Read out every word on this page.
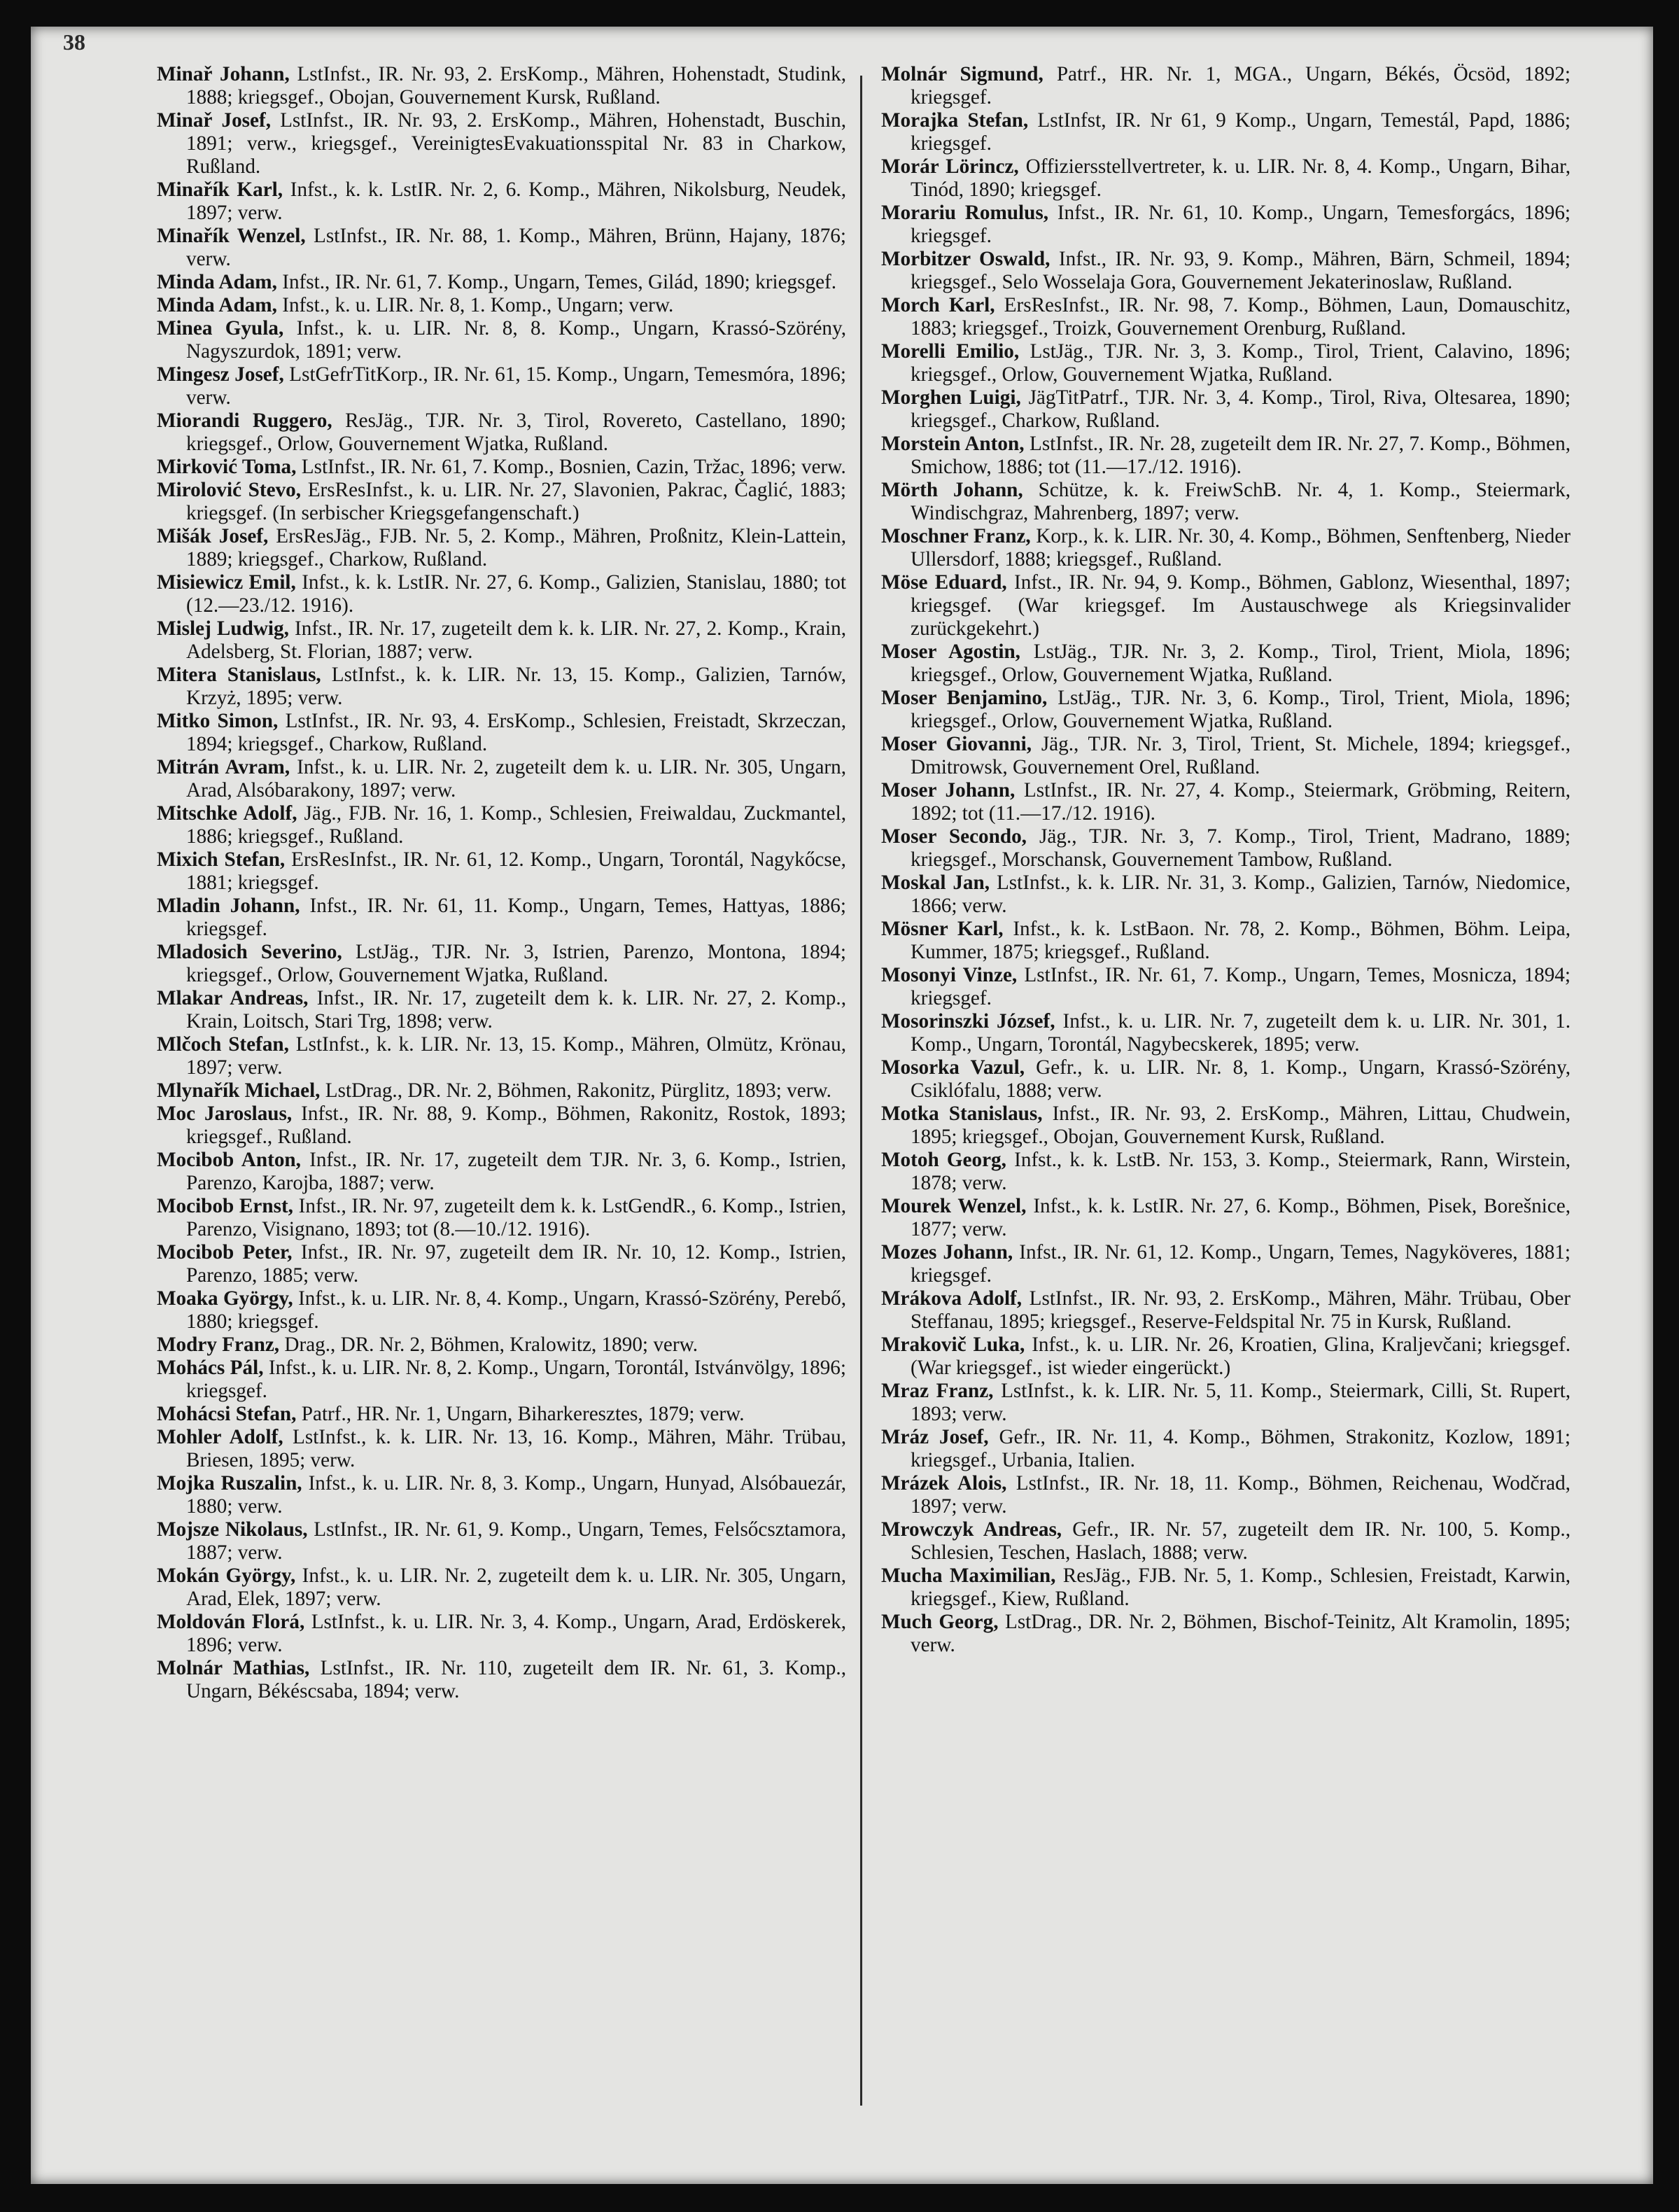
38

Minař Johann, LstInfst., IR. Nr. 93, 2. ErsKomp., Mähren, Hohenstadt, Studink, 1888; kriegsgef., Obojan, Gouvernement Kursk, Rußland.

Minař Josef, LstInfst., IR. Nr. 93, 2. ErsKomp., Mähren, Hohenstadt, Buschin, 1891; verw., kriegsgef., VereinigtesEvakuationsspital Nr. 83 in Charkow, Rußland.

Minařík Karl, Infst., k. k. LstIR. Nr. 2, 6. Komp., Mähren, Nikolsburg, Neudek, 1897; verw.

Minařík Wenzel, LstInfst., IR. Nr. 88, 1. Komp., Mähren, Brünn, Hajany, 1876; verw.

Minda Adam, Infst., IR. Nr. 61, 7. Komp., Ungarn, Temes, Gilád, 1890; kriegsgef.

Minda Adam, Infst., k. u. LIR. Nr. 8, 1. Komp., Ungarn; verw.

Minea Gyula, Infst., k. u. LIR. Nr. 8, 8. Komp., Ungarn, Krassó-Szörény, Nagyszurdok, 1891; verw.

Mingesz Josef, LstGefrTitKorp., IR. Nr. 61, 15. Komp., Ungarn, Temesmóra, 1896; verw.

Miorandi Ruggero, ResJäg., TJR. Nr. 3, Tirol, Rovereto, Castellano, 1890; kriegsgef., Orlow, Gouvernement Wjatka, Rußland.

Mirković Toma, LstInfst., IR. Nr. 61, 7. Komp., Bosnien, Cazin, Tržac, 1896; verw.

Mirolović Stevo, ErsResInfst., k. u. LIR. Nr. 27, Slavonien, Pakrac, Čaglić, 1883; kriegsgef. (In serbischer Kriegsgefangenschaft.)

Mišák Josef, ErsResJäg., FJB. Nr. 5, 2. Komp., Mähren, Proßnitz, Klein-Lattein, 1889; kriegsgef., Charkow, Rußland.

Misiewicz Emil, Infst., k. k. LstIR. Nr. 27, 6. Komp., Galizien, Stanislau, 1880; tot (12.—23./12. 1916).

Mislej Ludwig, Infst., IR. Nr. 17, zugeteilt dem k. k. LIR. Nr. 27, 2. Komp., Krain, Adelsberg, St. Florian, 1887; verw.

Mitera Stanislaus, LstInfst., k. k. LIR. Nr. 13, 15. Komp., Galizien, Tarnów, Krzyż, 1895; verw.

Mitko Simon, LstInfst., IR. Nr. 93, 4. ErsKomp., Schlesien, Freistadt, Skrzeczan, 1894; kriegsgef., Charkow, Rußland.

Mitrán Avram, Infst., k. u. LIR. Nr. 2, zugeteilt dem k. u. LIR. Nr. 305, Ungarn, Arad, Alsóbarakony, 1897; verw.

Mitschke Adolf, Jäg., FJB. Nr. 16, 1. Komp., Schlesien, Freiwaldau, Zuckmantel, 1886; kriegsgef., Rußland.

Mixich Stefan, ErsResInfst., IR. Nr. 61, 12. Komp., Ungarn, Torontál, Nagykőcse, 1881; kriegsgef.

Mladin Johann, Infst., IR. Nr. 61, 11. Komp., Ungarn, Temes, Hattyas, 1886; kriegsgef.

Mladosich Severino, LstJäg., TJR. Nr. 3, Istrien, Parenzo, Montona, 1894; kriegsgef., Orlow, Gouvernement Wjatka, Rußland.

Mlakar Andreas, Infst., IR. Nr. 17, zugeteilt dem k. k. LIR. Nr. 27, 2. Komp., Krain, Loitsch, Stari Trg, 1898; verw.

Mlčoch Stefan, LstInfst., k. k. LIR. Nr. 13, 15. Komp., Mähren, Olmütz, Krönau, 1897; verw.

Mlynařík Michael, LstDrag., DR. Nr. 2, Böhmen, Rakonitz, Pürglitz, 1893; verw.

Moc Jaroslaus, Infst., IR. Nr. 88, 9. Komp., Böhmen, Rakonitz, Rostok, 1893; kriegsgef., Rußland.

Mocibob Anton, Infst., IR. Nr. 17, zugeteilt dem TJR. Nr. 3, 6. Komp., Istrien, Parenzo, Karojba, 1887; verw.

Mocibob Ernst, Infst., IR. Nr. 97, zugeteilt dem k. k. LstGendR., 6. Komp., Istrien, Parenzo, Visignano, 1893; tot (8.—10./12. 1916).

Mocibob Peter, Infst., IR. Nr. 97, zugeteilt dem IR. Nr. 10, 12. Komp., Istrien, Parenzo, 1885; verw.

Moaka György, Infst., k. u. LIR. Nr. 8, 4. Komp., Ungarn, Krassó-Szörény, Perebő, 1880; kriegsgef.

Modry Franz, Drag., DR. Nr. 2, Böhmen, Kralowitz, 1890; verw.

Mohács Pál, Infst., k. u. LIR. Nr. 8, 2. Komp., Ungarn, Torontál, Istvánvölgy, 1896; kriegsgef.

Mohácsi Stefan, Patrf., HR. Nr. 1, Ungarn, Biharkeresztes, 1879; verw.

Mohler Adolf, LstInfst., k. k. LIR. Nr. 13, 16. Komp., Mähren, Mähr. Trübau, Briesen, 1895; verw.

Mojka Ruszalin, Infst., k. u. LIR. Nr. 8, 3. Komp., Ungarn, Hunyad, Alsóbauezár, 1880; verw.

Mojsze Nikolaus, LstInfst., IR. Nr. 61, 9. Komp., Ungarn, Temes, Felsőcsztamora, 1887; verw.

Mokán György, Infst., k. u. LIR. Nr. 2, zugeteilt dem k. u. LIR. Nr. 305, Ungarn, Arad, Elek, 1897; verw.

Moldován Florá, LstInfst., k. u. LIR. Nr. 3, 4. Komp., Ungarn, Arad, Erdöskerek, 1896; verw.

Molnár Mathias, LstInfst., IR. Nr. 110, zugeteilt dem IR. Nr. 61, 3. Komp., Ungarn, Békéscsaba, 1894; verw.

Molnár Sigmund, Patrf., HR. Nr. 1, MGA., Ungarn, Békés, Öcsöd, 1892; kriegsgef.

Morajka Stefan, LstInfst, IR. Nr 61, 9 Komp., Ungarn, Temestál, Papd, 1886; kriegsgef.

Morár Lörincz, Offiziersstellvertreter, k. u. LIR. Nr. 8, 4. Komp., Ungarn, Bihar, Tinód, 1890; kriegsgef.

Morariu Romulus, Infst., IR. Nr. 61, 10. Komp., Ungarn, Temesforgács, 1896; kriegsgef.

Morbitzer Oswald, Infst., IR. Nr. 93, 9. Komp., Mähren, Bärn, Schmeil, 1894; kriegsgef., Selo Wosselaja Gora, Gouvernement Jekaterinoslaw, Rußland.

Morch Karl, ErsResInfst., IR. Nr. 98, 7. Komp., Böhmen, Laun, Domauschitz, 1883; kriegsgef., Troizk, Gouvernement Orenburg, Rußland.

Morelli Emilio, LstJäg., TJR. Nr. 3, 3. Komp., Tirol, Trient, Calavino, 1896; kriegsgef., Orlow, Gouvernement Wjatka, Rußland.

Morghen Luigi, JägTitPatrf., TJR. Nr. 3, 4. Komp., Tirol, Riva, Oltesarea, 1890; kriegsgef., Charkow, Rußland.

Morstein Anton, LstInfst., IR. Nr. 28, zugeteilt dem IR. Nr. 27, 7. Komp., Böhmen, Smichow, 1886; tot (11.—17./12. 1916).

Mörth Johann, Schütze, k. k. FreiwSchB. Nr. 4, 1. Komp., Steiermark, Windischgraz, Mahrenberg, 1897; verw.

Moschner Franz, Korp., k. k. LIR. Nr. 30, 4. Komp., Böhmen, Senftenberg, Nieder Ullersdorf, 1888; kriegsgef., Rußland.

Möse Eduard, Infst., IR. Nr. 94, 9. Komp., Böhmen, Gablonz, Wiesenthal, 1897; kriegsgef. (War kriegsgef. Im Austauschwege als Kriegsinvalider zurückgekehrt.)

Moser Agostin, LstJäg., TJR. Nr. 3, 2. Komp., Tirol, Trient, Miola, 1896; kriegsgef., Orlow, Gouvernement Wjatka, Rußland.

Moser Benjamino, LstJäg., TJR. Nr. 3, 6. Komp., Tirol, Trient, Miola, 1896; kriegsgef., Orlow, Gouvernement Wjatka, Rußland.

Moser Giovanni, Jäg., TJR. Nr. 3, Tirol, Trient, St. Michele, 1894; kriegsgef., Dmitrowsk, Gouvernement Orel, Rußland.

Moser Johann, LstInfst., IR. Nr. 27, 4. Komp., Steiermark, Gröbming, Reitern, 1892; tot (11.—17./12. 1916).

Moser Secondo, Jäg., TJR. Nr. 3, 7. Komp., Tirol, Trient, Madrano, 1889; kriegsgef., Morschansk, Gouvernement Tambow, Rußland.

Moskal Jan, LstInfst., k. k. LIR. Nr. 31, 3. Komp., Galizien, Tarnów, Niedomice, 1866; verw.

Mösner Karl, Infst., k. k. LstBaon. Nr. 78, 2. Komp., Böhmen, Böhm. Leipa, Kummer, 1875; kriegsgef., Rußland.

Mosonyi Vinze, LstInfst., IR. Nr. 61, 7. Komp., Ungarn, Temes, Mosnicza, 1894; kriegsgef.

Mosorinszki József, Infst., k. u. LIR. Nr. 7, zugeteilt dem k. u. LIR. Nr. 301, 1. Komp., Ungarn, Torontál, Nagybecskerek, 1895; verw.

Mosorka Vazul, Gefr., k. u. LIR. Nr. 8, 1. Komp., Ungarn, Krassó-Szörény, Csiklófalu, 1888; verw.

Motka Stanislaus, Infst., IR. Nr. 93, 2. ErsKomp., Mähren, Littau, Chudwein, 1895; kriegsgef., Obojan, Gouvernement Kursk, Rußland.

Motoh Georg, Infst., k. k. LstB. Nr. 153, 3. Komp., Steiermark, Rann, Wirstein, 1878; verw.

Mourek Wenzel, Infst., k. k. LstIR. Nr. 27, 6. Komp., Böhmen, Pisek, Borešnice, 1877; verw.

Mozes Johann, Infst., IR. Nr. 61, 12. Komp., Ungarn, Temes, Nagyköveres, 1881; kriegsgef.

Mrákova Adolf, LstInfst., IR. Nr. 93, 2. ErsKomp., Mähren, Mähr. Trübau, Ober Steffanau, 1895; kriegsgef., Reserve-Feldspital Nr. 75 in Kursk, Rußland.

Mrakovič Luka, Infst., k. u. LIR. Nr. 26, Kroatien, Glina, Kraljevčani; kriegsgef. (War kriegsgef., ist wieder eingerückt.)

Mraz Franz, LstInfst., k. k. LIR. Nr. 5, 11. Komp., Steiermark, Cilli, St. Rupert, 1893; verw.

Mráz Josef, Gefr., IR. Nr. 11, 4. Komp., Böhmen, Strakonitz, Kozlow, 1891; kriegsgef., Urbania, Italien.

Mrázek Alois, LstInfst., IR. Nr. 18, 11. Komp., Böhmen, Reichenau, Wodčrad, 1897; verw.

Mrowczyk Andreas, Gefr., IR. Nr. 57, zugeteilt dem IR. Nr. 100, 5. Komp., Schlesien, Teschen, Haslach, 1888; verw.

Mucha Maximilian, ResJäg., FJB. Nr. 5, 1. Komp., Schlesien, Freistadt, Karwin, kriegsgef., Kiew, Rußland.

Much Georg, LstDrag., DR. Nr. 2, Böhmen, Bischof-Teinitz, Alt Kramolin, 1895; verw.
